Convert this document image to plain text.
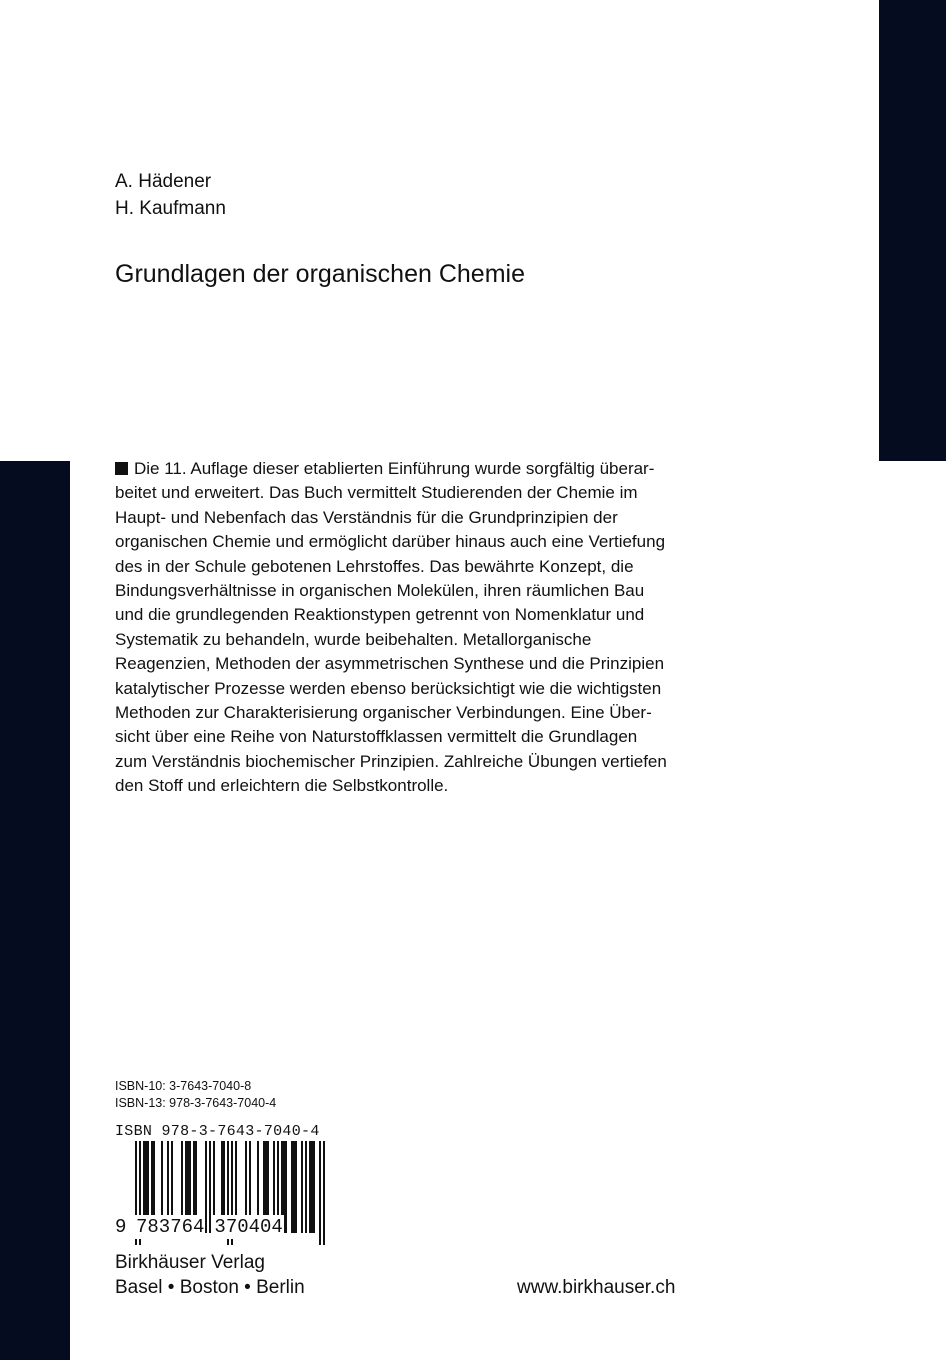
A. Hädener
H. Kaufmann
Grundlagen der organischen Chemie
Die 11. Auflage dieser etablierten Einführung wurde sorgfältig überar-
beitet und erweitert. Das Buch vermittelt Studierenden der Chemie im
Haupt- und Nebenfach das Verständnis für die Grundprinzipien der
organischen Chemie und ermöglicht darüber hinaus auch eine Vertiefung
des in der Schule gebotenen Lehrstoffes. Das bewährte Konzept, die
Bindungsverhältnisse in organischen Molekülen, ihren räumlichen Bau
und die grundlegenden Reaktionstypen getrennt von Nomenklatur und
Systematik zu behandeln, wurde beibehalten. Metallorganische
Reagenzien, Methoden der asymmetrischen Synthese und die Prinzipien
katalytischer Prozesse werden ebenso berücksichtigt wie die wichtigsten
Methoden zur Charakterisierung organischer Verbindungen. Eine Über-
sicht über eine Reihe von Naturstoffklassen vermittelt die Grundlagen
zum Verständnis biochemischer Prinzipien. Zahlreiche Übungen vertiefen
den Stoff und erleichtern die Selbstkontrolle.
ISBN-10: 3-7643-7040-8
ISBN-13: 978-3-7643-7040-4
ISBN 978-3-7643-7040-4
9 783764 370404
Birkhäuser Verlag
Basel • Boston • Berlin	www.birkhauser.ch
